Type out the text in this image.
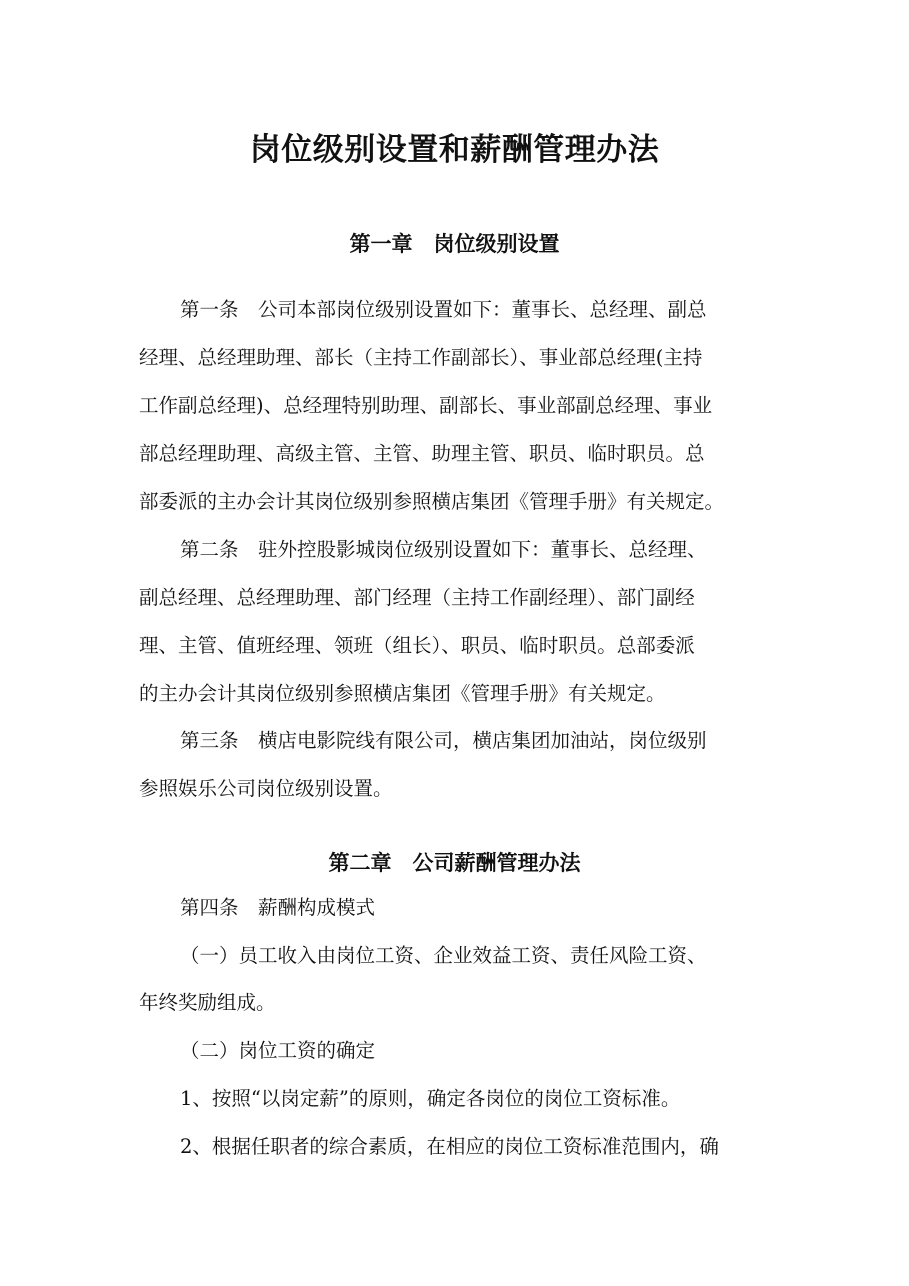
岗位级别设置和薪酬管理办法
第一章　岗位级别设置

第一条　公司本部岗位级别设置如下：董事长、总经理、副总

经理、总经理助理、部长（主持工作副部长）、事业部总经理(主持

工作副总经理)、总经理特别助理、副部长、事业部副总经理、事业

部总经理助理、高级主管、主管、助理主管、职员、临时职员。总

部委派的主办会计其岗位级别参照横店集团《管理手册》有关规定。

第二条　驻外控股影城岗位级别设置如下：董事长、总经理、

副总经理、总经理助理、部门经理（主持工作副经理）、部门副经

理、主管、值班经理、领班（组长）、职员、临时职员。总部委派

的主办会计其岗位级别参照横店集团《管理手册》有关规定。

第三条　横店电影院线有限公司，横店集团加油站，岗位级别

参照娱乐公司岗位级别设置。

第二章　公司薪酬管理办法

第四条　薪酬构成模式

（一）员工收入由岗位工资、企业效益工资、责任风险工资、

年终奖励组成。

（二）岗位工资的确定

1、按照“以岗定薪”的原则，确定各岗位的岗位工资标准。

2、根据任职者的综合素质，在相应的岗位工资标准范围内，确
